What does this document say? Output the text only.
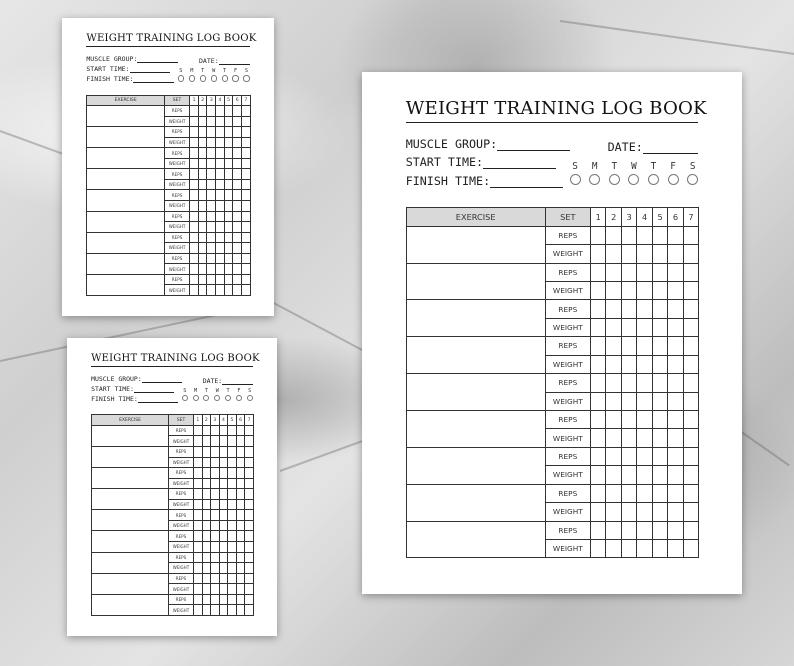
WEIGHT TRAINING LOG BOOK
MUSCLE GROUP:
START TIME:
FINISH TIME:
DATE:
S M T W T F S
EXERCISE	SET	1	2	3	4	5	6	7
	REPS							
	WEIGHT							
	REPS							
	WEIGHT							
	REPS							
	WEIGHT							
	REPS							
	WEIGHT							
	REPS							
	WEIGHT							
	REPS							
	WEIGHT							
	REPS							
	WEIGHT							
	REPS							
	WEIGHT							
	REPS							
	WEIGHT							
WEIGHT TRAINING LOG BOOK
MUSCLE GROUP:
START TIME:
FINISH TIME:
DATE:
S M T W T F S
EXERCISE	SET	1	2	3	4	5	6	7
	REPS							
	WEIGHT							
	REPS							
	WEIGHT							
	REPS							
	WEIGHT							
	REPS							
	WEIGHT							
	REPS							
	WEIGHT							
	REPS							
	WEIGHT							
	REPS							
	WEIGHT							
	REPS							
	WEIGHT							
	REPS							
	WEIGHT							
WEIGHT TRAINING LOG BOOK
MUSCLE GROUP:
START TIME:
FINISH TIME:
DATE:
S M T W T F S
EXERCISE	SET	1	2	3	4	5	6	7
	REPS							
	WEIGHT							
	REPS							
	WEIGHT							
	REPS							
	WEIGHT							
	REPS							
	WEIGHT							
	REPS							
	WEIGHT							
	REPS							
	WEIGHT							
	REPS							
	WEIGHT							
	REPS							
	WEIGHT							
	REPS							
	WEIGHT							
